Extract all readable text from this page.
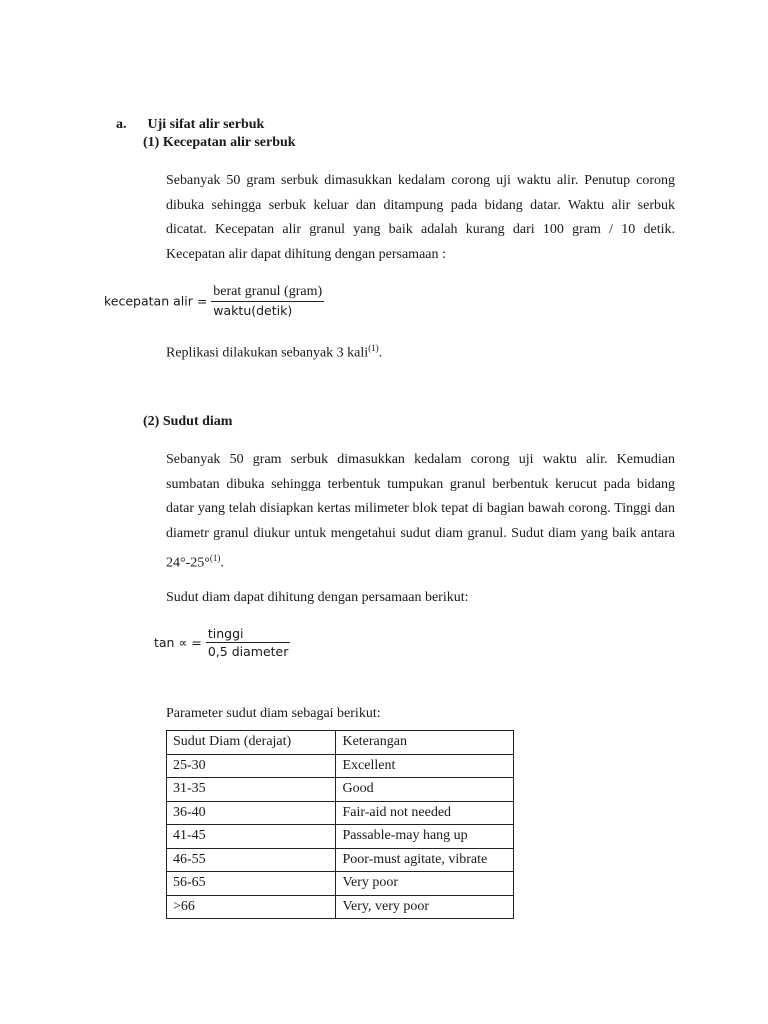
a. Uji sifat alir serbuk
(1) Kecepatan alir serbuk
Sebanyak 50 gram serbuk dimasukkan kedalam corong uji waktu alir. Penutup corong dibuka sehingga serbuk keluar dan ditampung pada bidang datar. Waktu alir serbuk dicatat. Kecepatan alir granul yang baik adalah kurang dari 100 gram / 10 detik. Kecepatan alir dapat dihitung dengan persamaan :
kecepatan alir = $\frac{\text{berat granul (gram)}}{\text{waktu(detik)}}$
Replikasi dilakukan sebanyak 3 kali$^{(1)}$.
(2) Sudut diam
Sebanyak 50 gram serbuk dimasukkan kedalam corong uji waktu alir. Kemudian sumbatan dibuka sehingga terbentuk tumpukan granul berbentuk kerucut pada bidang datar yang telah disiapkan kertas milimeter blok tepat di bagian bawah corong. Tinggi dan diametr granul diukur untuk mengetahui sudut diam granul. Sudut diam yang baik antara 24°-25°$^{(1)}$.
Sudut diam dapat dihitung dengan persamaan berikut:
tan ∝ = $\frac{\text{tinggi}}{\text{0,5 diameter}}$
Parameter sudut diam sebagai berikut:
Sudut Diam (derajat)	Keterangan
25-30	Excellent
31-35	Good
36-40	Fair-aid not needed
41-45	Passable-may hang up
46-55	Poor-must agitate, vibrate
56-65	Very poor
>66	Very, very poor
